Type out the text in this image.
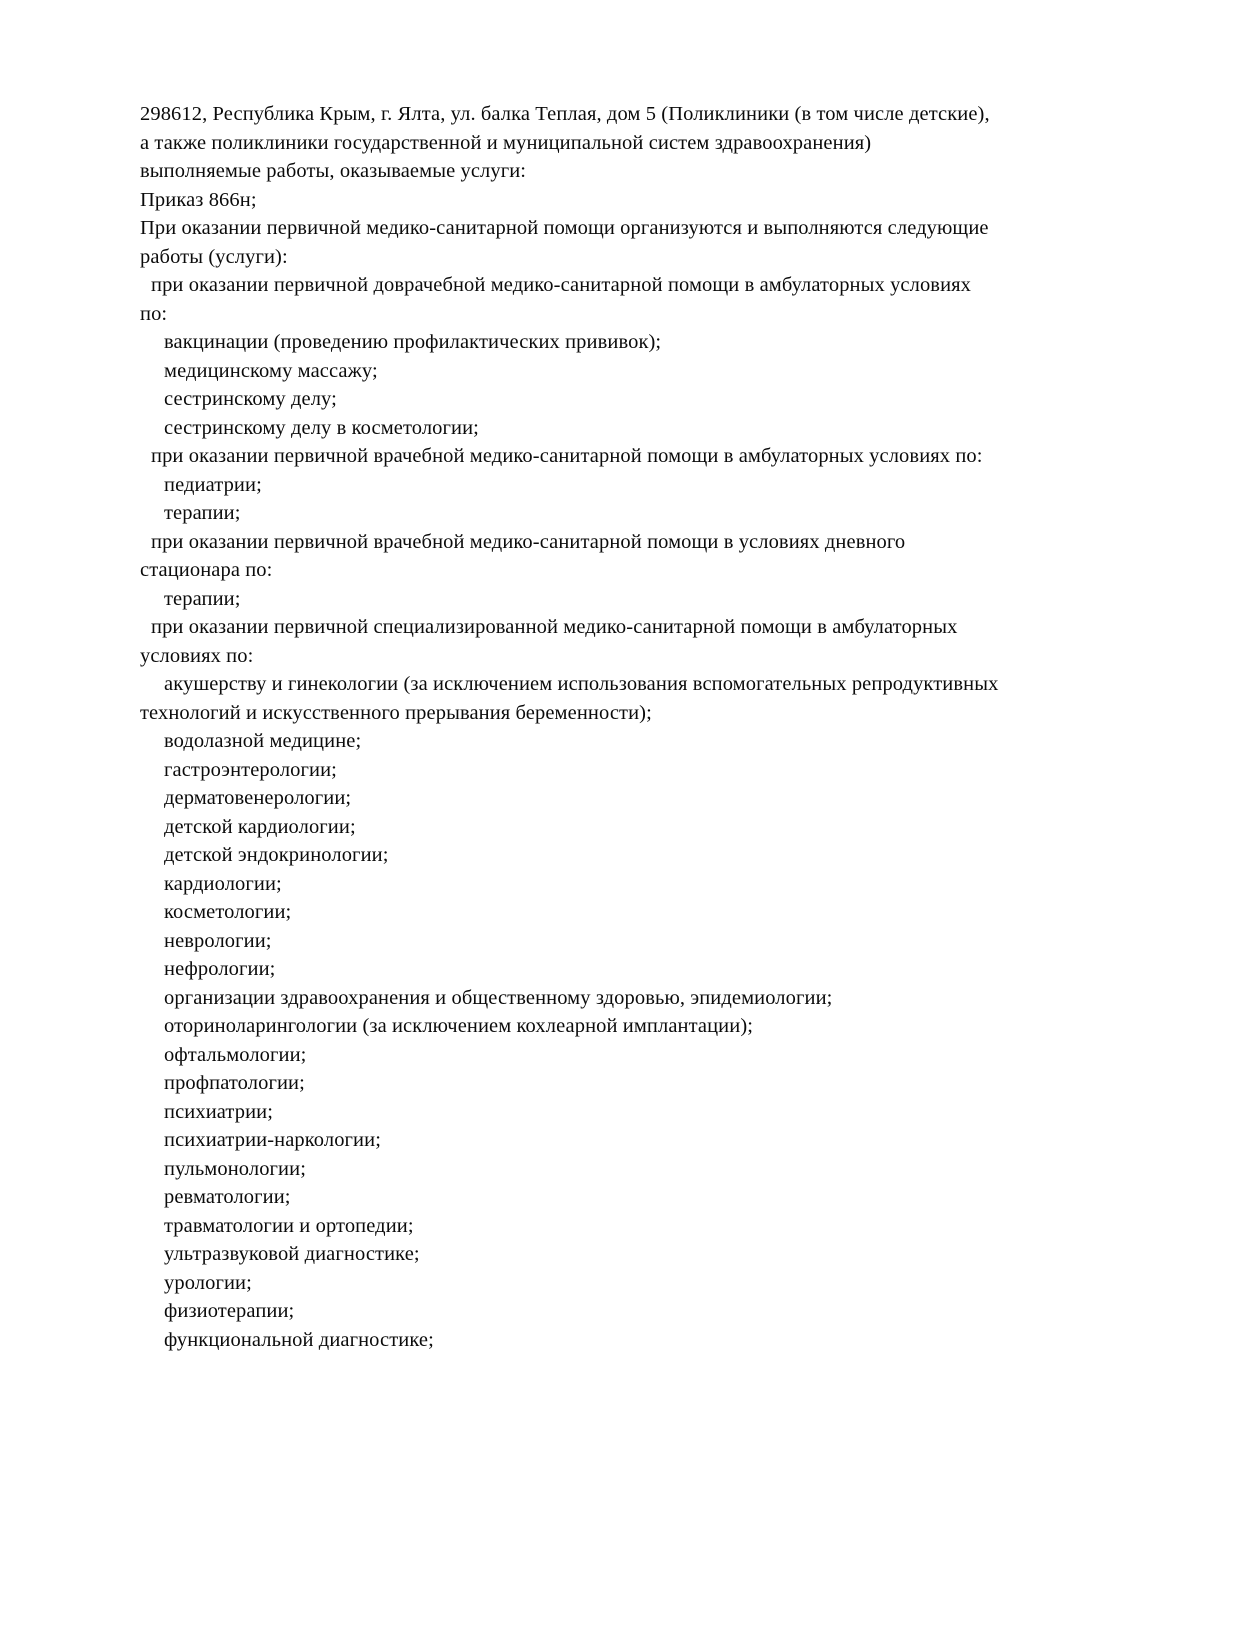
298612, Республика Крым, г. Ялта, ул. балка Теплая, дом 5 (Поликлиники (в том числе детские),
а также поликлиники государственной и муниципальной систем здравоохранения)
выполняемые работы, оказываемые услуги:
Приказ 866н;
При оказании первичной медико-санитарной помощи организуются и выполняются следующие
работы (услуги):
при оказании первичной доврачебной медико-санитарной помощи в амбулаторных условиях
по:
вакцинации (проведению профилактических прививок);
медицинскому массажу;
сестринскому делу;
сестринскому делу в косметологии;
при оказании первичной врачебной медико-санитарной помощи в амбулаторных условиях по:
педиатрии;
терапии;
при оказании первичной врачебной медико-санитарной помощи в условиях дневного
стационара по:
терапии;
при оказании первичной специализированной медико-санитарной помощи в амбулаторных
условиях по:
акушерству и гинекологии (за исключением использования вспомогательных репродуктивных
технологий и искусственного прерывания беременности);
водолазной медицине;
гастроэнтерологии;
дерматовенерологии;
детской кардиологии;
детской эндокринологии;
кардиологии;
косметологии;
неврологии;
нефрологии;
организации здравоохранения и общественному здоровью, эпидемиологии;
оториноларингологии (за исключением кохлеарной имплантации);
офтальмологии;
профпатологии;
психиатрии;
психиатрии-наркологии;
пульмонологии;
ревматологии;
травматологии и ортопедии;
ультразвуковой диагностике;
урологии;
физиотерапии;
функциональной диагностике;
